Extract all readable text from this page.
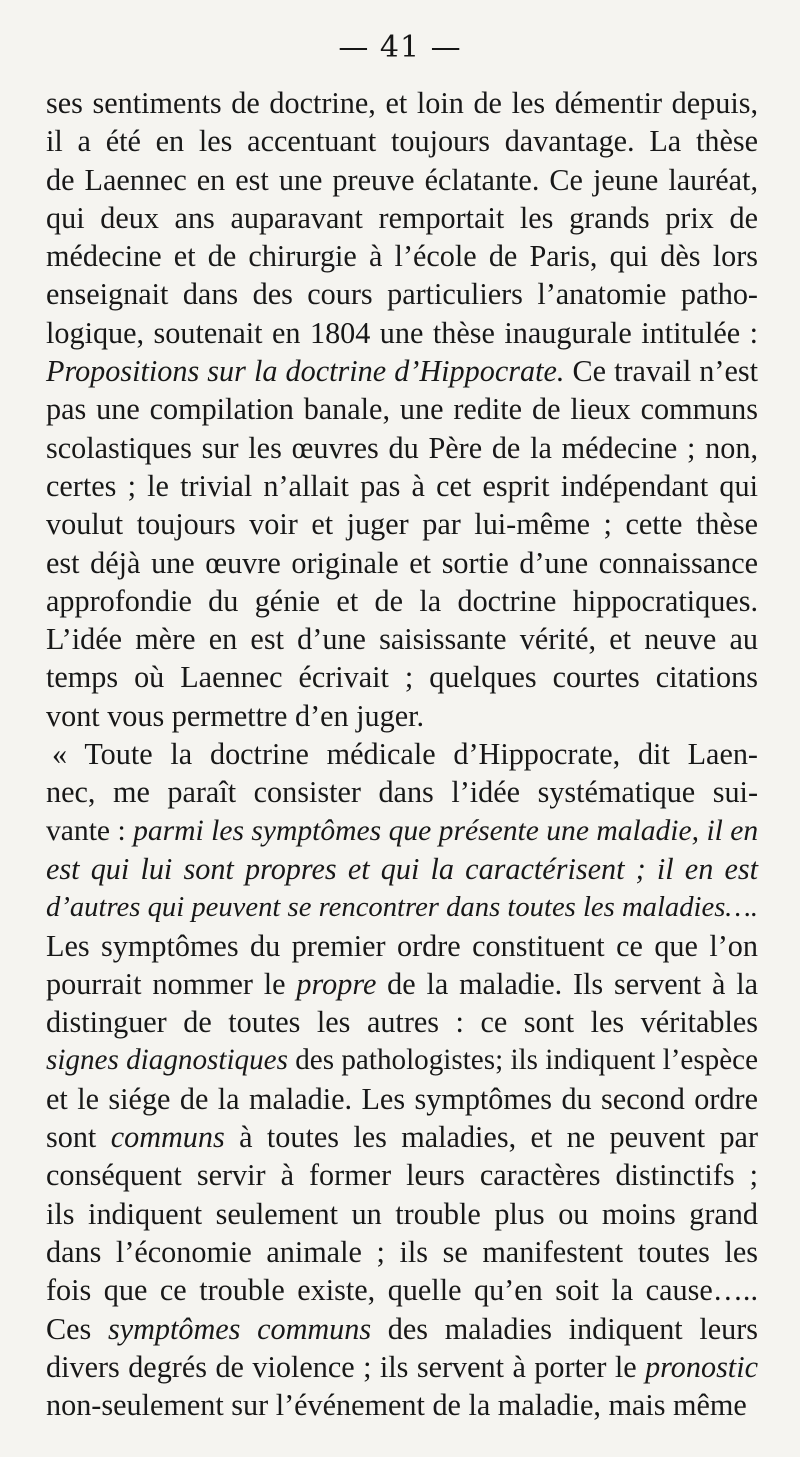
— 41 —
ses sentiments de doctrine, et loin de les démentir depuis,
il a été en les accentuant toujours davantage. La thèse
de Laennec en est une preuve éclatante. Ce jeune lauréat,
qui deux ans auparavant remportait les grands prix de
médecine et de chirurgie à l’école de Paris, qui dès lors
enseignait dans des cours particuliers l’anatomie patho-
logique, soutenait en 1804 une thèse inaugurale intitulée :
Propositions sur la doctrine d’Hippocrate. Ce travail n’est
pas une compilation banale, une redite de lieux communs
scolastiques sur les œuvres du Père de la médecine ; non,
certes ; le trivial n’allait pas à cet esprit indépendant qui
voulut toujours voir et juger par lui-même ; cette thèse
est déjà une œuvre originale et sortie d’une connaissance
approfondie du génie et de la doctrine hippocratiques.
L’idée mère en est d’une saisissante vérité, et neuve au
temps où Laennec écrivait ; quelques courtes citations
vont vous permettre d’en juger.
« Toute la doctrine médicale d’Hippocrate, dit Laen-
nec, me paraît consister dans l’idée systématique sui-
vante : parmi les symptômes que présente une maladie, il en
est qui lui sont propres et qui la caractérisent ; il en est
d’autres qui peuvent se rencontrer dans toutes les maladies….
Les symptômes du premier ordre constituent ce que l’on
pourrait nommer le propre de la maladie. Ils servent à la
distinguer de toutes les autres : ce sont les véritables
signes diagnostiques des pathologistes; ils indiquent l’espèce
et le siége de la maladie. Les symptômes du second ordre
sont communs à toutes les maladies, et ne peuvent par
conséquent servir à former leurs caractères distinctifs ;
ils indiquent seulement un trouble plus ou moins grand
dans l’économie animale ; ils se manifestent toutes les
fois que ce trouble existe, quelle qu’en soit la cause…..
Ces symptômes communs des maladies indiquent leurs
divers degrés de violence ; ils servent à porter le pronostic
non-seulement sur l’événement de la maladie, mais même
